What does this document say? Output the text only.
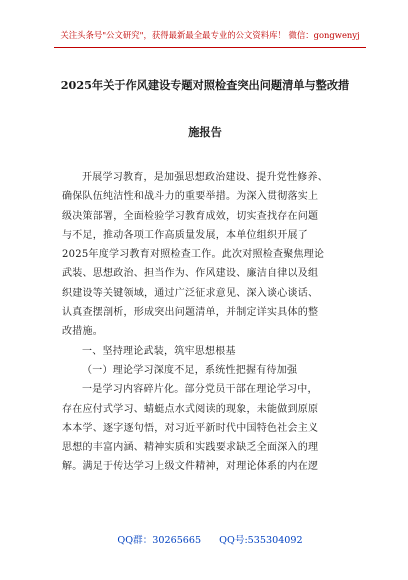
关注头条号"公文研究"，获得最新最全最专业的公文资料库！ 微信：gongwenyj
2025年关于作风建设专题对照检查突出问题清单与整改措
施报告
开展学习教育，是加强思想政治建设、提升党性修养、
确保队伍纯洁性和战斗力的重要举措。为深入贯彻落实上
级决策部署，全面检验学习教育成效，切实查找存在问题
与不足，推动各项工作高质量发展，本单位组织开展了
2025年度学习教育对照检查工作。此次对照检查聚焦理论
武装、思想政治、担当作为、作风建设、廉洁自律以及组
织建设等关键领域，通过广泛征求意见、深入谈心谈话、
认真查摆剖析，形成突出问题清单，并制定详实具体的整
改措施。
一、坚持理论武装，筑牢思想根基
（一）理论学习深度不足，系统性把握有待加强
一是学习内容碎片化。部分党员干部在理论学习中，
存在应付式学习、蜻蜓点水式阅读的现象，未能做到原原
本本学、逐字逐句悟，对习近平新时代中国特色社会主义
思想的丰富内涵、精神实质和实践要求缺乏全面深入的理
解。满足于传达学习上级文件精神，对理论体系的内在逻
QQ群：30265665 QQ号:535304092
